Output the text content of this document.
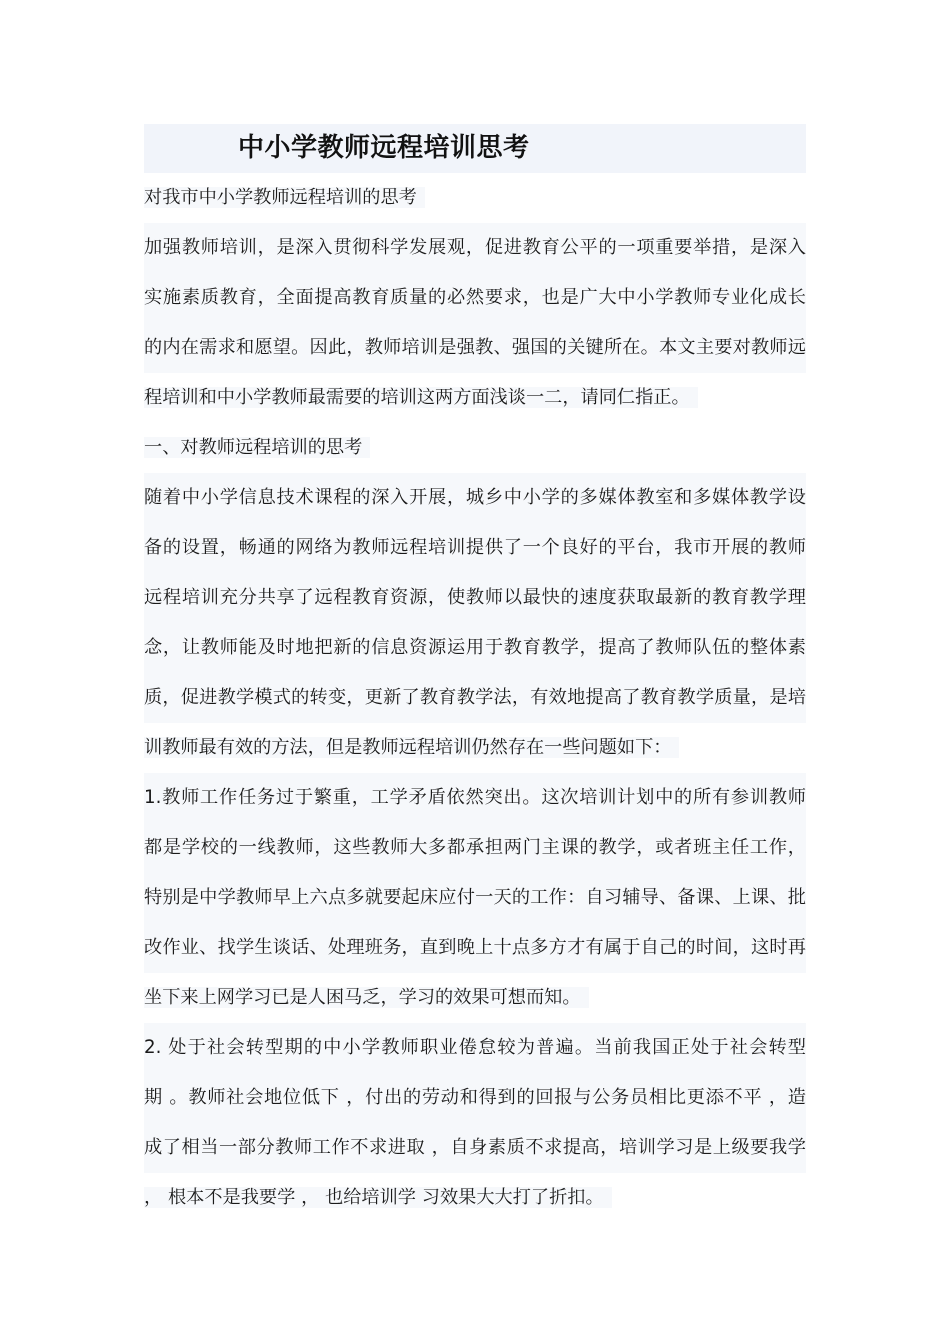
中小学教师远程培训思考
对我市中小学教师远程培训的思考
加强教师培训，是深入贯彻科学发展观，促进教育公平的一项重要举措，是深入
实施素质教育，全面提高教育质量的必然要求，也是广大中小学教师专业化成长
的内在需求和愿望。因此，教师培训是强教、强国的关键所在。本文主要对教师远
程培训和中小学教师最需要的培训这两方面浅谈一二，请同仁指正。
一、对教师远程培训的思考
随着中小学信息技术课程的深入开展，城乡中小学的多媒体教室和多媒体教学设
备的设置，畅通的网络为教师远程培训提供了一个良好的平台，我市开展的教师
远程培训充分共享了远程教育资源，使教师以最快的速度获取最新的教育教学理
念，让教师能及时地把新的信息资源运用于教育教学，提高了教师队伍的整体素
质，促进教学模式的转变，更新了教育教学法，有效地提高了教育教学质量，是培
训教师最有效的方法，但是教师远程培训仍然存在一些问题如下：
1.教师工作任务过于繁重，工学矛盾依然突出。这次培训计划中的所有参训教师
都是学校的一线教师，这些教师大多都承担两门主课的教学，或者班主任工作，
特别是中学教师早上六点多就要起床应付一天的工作：自习辅导、备课、上课、批
改作业、找学生谈话、处理班务，直到晚上十点多方才有属于自己的时间，这时再
坐下来上网学习已是人困马乏，学习的效果可想而知。
2. 处于社会转型期的中小学教师职业倦怠较为普遍。当前我国正处于社会转型
期 。教师社会地位低下 ，付出的劳动和得到的回报与公务员相比更添不平 ，造
成了相当一部分教师工作不求进取 ，自身素质不求提高，培训学习是上级要我学
， 根本不是我要学 ， 也给培训学 习效果大大打了折扣。
